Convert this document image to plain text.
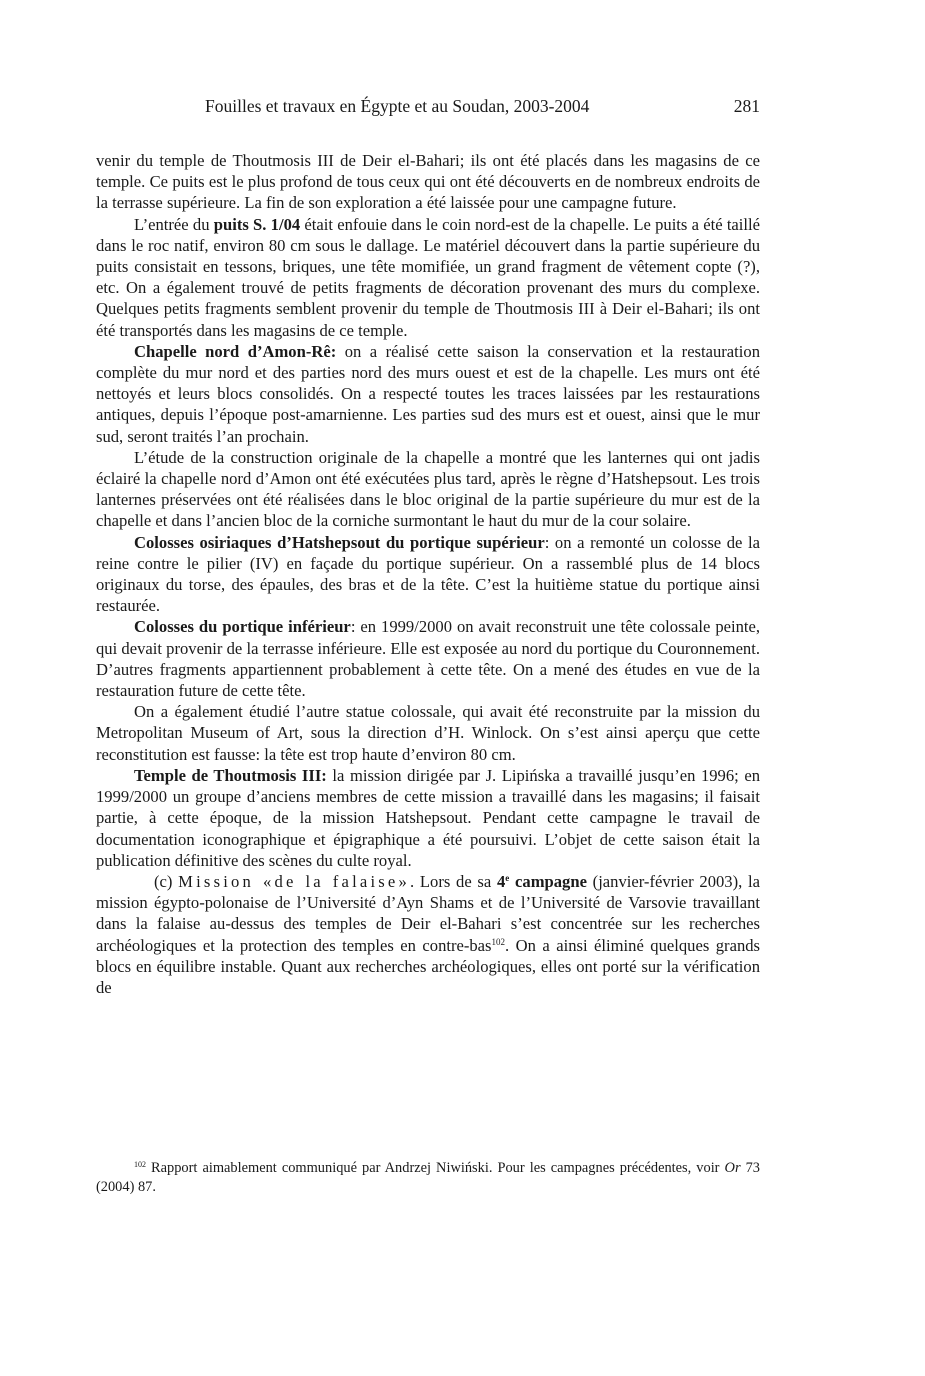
Fouilles et travaux en Égypte et au Soudan, 2003-2004	281

venir du temple de Thoutmosis III de Deir el-Bahari; ils ont été placés dans les magasins de ce temple. Ce puits est le plus profond de tous ceux qui ont été découverts en de nombreux endroits de la terrasse supérieure. La fin de son exploration a été laissée pour une campagne future.

L’entrée du puits S. 1/04 était enfouie dans le coin nord-est de la chapelle. Le puits a été taillé dans le roc natif, environ 80 cm sous le dallage. Le matériel découvert dans la partie supérieure du puits consistait en tessons, briques, une tête momifiée, un grand fragment de vêtement copte (?), etc. On a également trouvé de petits fragments de décoration provenant des murs du complexe. Quelques petits fragments semblent provenir du temple de Thoutmosis III à Deir el-Bahari; ils ont été transportés dans les magasins de ce temple.

Chapelle nord d’Amon-Rê: on a réalisé cette saison la conservation et la restauration complète du mur nord et des parties nord des murs ouest et est de la chapelle. Les murs ont été nettoyés et leurs blocs consolidés. On a respecté toutes les traces laissées par les restaurations antiques, depuis l’époque post-amarnienne. Les parties sud des murs est et ouest, ainsi que le mur sud, seront traités l’an prochain.

L’étude de la construction originale de la chapelle a montré que les lanternes qui ont jadis éclairé la chapelle nord d’Amon ont été exécutées plus tard, après le règne d’Hatshepsout. Les trois lanternes préservées ont été réalisées dans le bloc original de la partie supérieure du mur est de la chapelle et dans l’ancien bloc de la corniche surmontant le haut du mur de la cour solaire.

Colosses osiriaques d’Hatshepsout du portique supérieur: on a remonté un colosse de la reine contre le pilier (IV) en façade du portique supérieur. On a rassemblé plus de 14 blocs originaux du torse, des épaules, des bras et de la tête. C’est la huitième statue du portique ainsi restaurée.

Colosses du portique inférieur: en 1999/2000 on avait reconstruit une tête colossale peinte, qui devait provenir de la terrasse inférieure. Elle est exposée au nord du portique du Couronnement. D’autres fragments appartiennent probablement à cette tête. On a mené des études en vue de la restauration future de cette tête.

On a également étudié l’autre statue colossale, qui avait été reconstruite par la mission du Metropolitan Museum of Art, sous la direction d’H. Winlock. On s’est ainsi aperçu que cette reconstitution est fausse: la tête est trop haute d’environ 80 cm.

Temple de Thoutmosis III: la mission dirigée par J. Lipińska a travaillé jusqu’en 1996; en 1999/2000 un groupe d’anciens membres de cette mission a travaillé dans les magasins; il faisait partie, à cette époque, de la mission Hatshepsout. Pendant cette campagne le travail de documentation iconographique et épigraphique a été poursuivi. L’objet de cette saison était la publication définitive des scènes du culte royal.

(c) Mission «de la falaise». Lors de sa 4e campagne (janvier-février 2003), la mission égypto-polonaise de l’Université d’Ayn Shams et de l’Université de Varsovie travaillant dans la falaise au-dessus des temples de Deir el-Bahari s’est concentrée sur les recherches archéologiques et la protection des temples en contre-bas$^{102}$. On a ainsi éliminé quelques grands blocs en équilibre instable. Quant aux recherches archéologiques, elles ont porté sur la vérification de

$^{102}$ Rapport aimablement communiqué par Andrzej Niwiński. Pour les campagnes précédentes, voir Or 73 (2004) 87.
